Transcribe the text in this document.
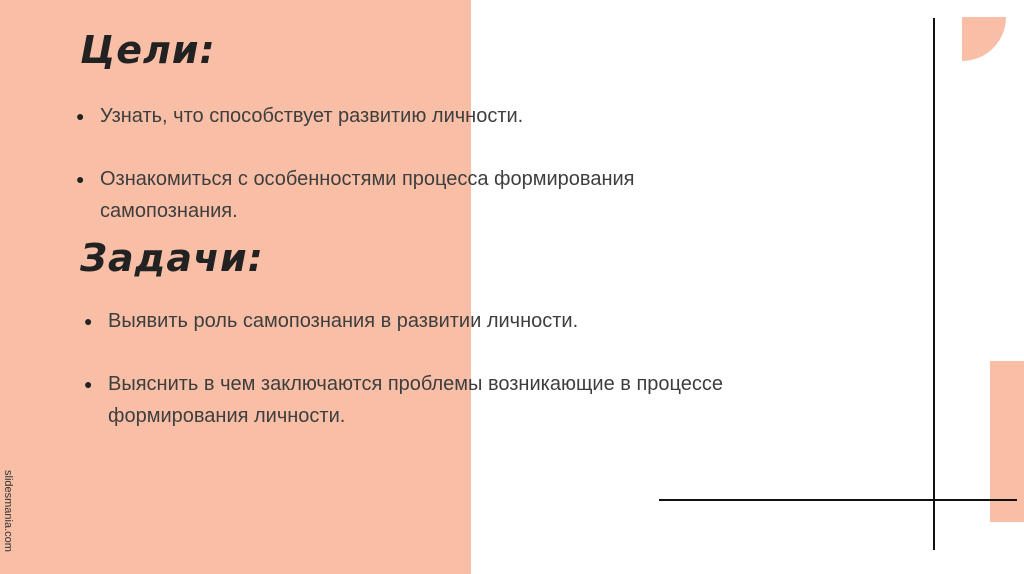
Цели:
● Узнать, что способствует развитию личности.
● Ознакомиться с особенностями процесса формирования самопознания.
Задачи:
● Выявить роль самопознания в развитии личности.
● Выяснить в чем заключаются проблемы возникающие в процессе формирования личности.
slidesmania.com
